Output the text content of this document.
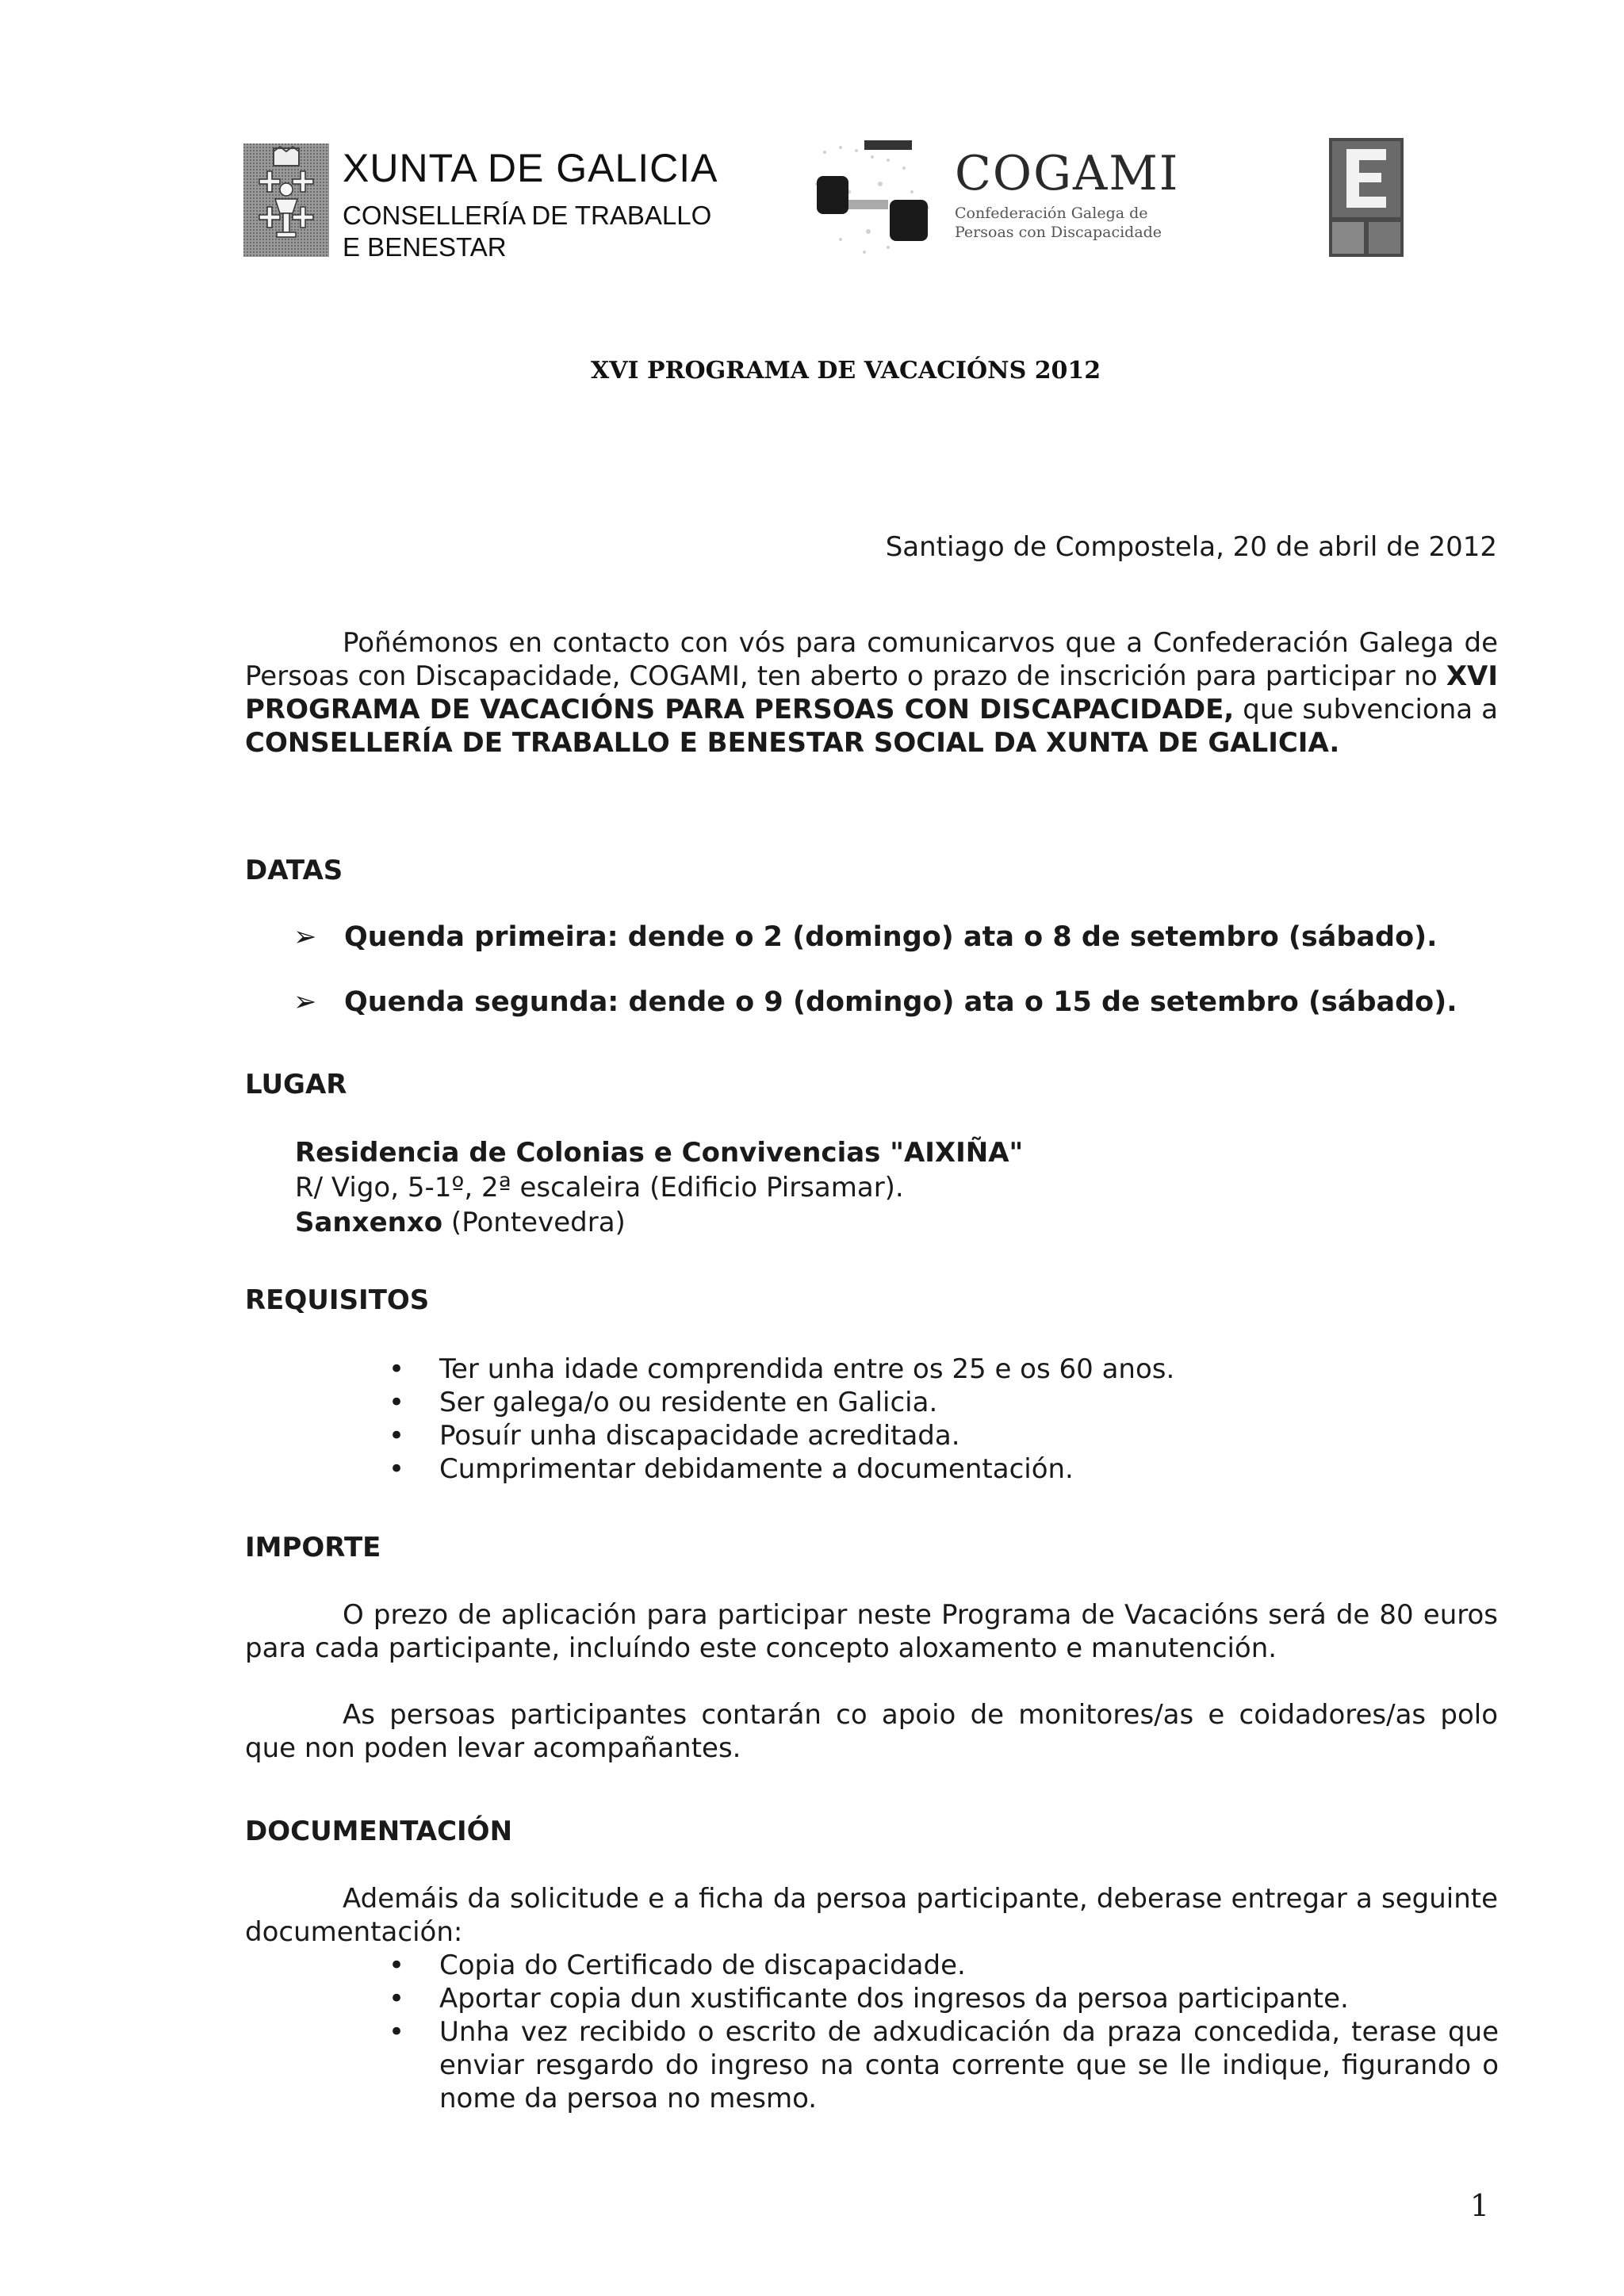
XUNTA DE GALICIA
CONSELLERÍA DE TRABALLO
E BENESTAR
COGAMI
Confederación Galega de
Persoas con Discapacidade
XVI PROGRAMA DE VACACIÓNS 2012
Santiago de Compostela, 20 de abril de 2012
Poñémonos en contacto con vós para comunicarvos que a Confederación Galega de Persoas con Discapacidade, COGAMI, ten aberto o prazo de inscrición para participar no XVI PROGRAMA DE VACACIÓNS PARA PERSOAS CON DISCAPACIDADE, que subvenciona a CONSELLERÍA DE TRABALLO E BENESTAR SOCIAL DA XUNTA DE GALICIA.
DATAS
➢ Quenda primeira: dende o 2 (domingo) ata o 8 de setembro (sábado).
➢ Quenda segunda: dende o 9 (domingo) ata o 15 de setembro (sábado).
LUGAR
Residencia de Colonias e Convivencias "AIXIÑA"
R/ Vigo, 5-1º, 2ª escaleira (Edificio Pirsamar).
Sanxenxo (Pontevedra)
REQUISITOS
• Ter unha idade comprendida entre os 25 e os 60 anos.
• Ser galega/o ou residente en Galicia.
• Posuír unha discapacidade acreditada.
• Cumprimentar debidamente a documentación.
IMPORTE
O prezo de aplicación para participar neste Programa de Vacacións será de 80 euros para cada participante, incluíndo este concepto aloxamento e manutención.
As persoas participantes contarán co apoio de monitores/as e coidadores/as polo que non poden levar acompañantes.
DOCUMENTACIÓN
Ademáis da solicitude e a ficha da persoa participante, deberase entregar a seguinte documentación:
• Copia do Certificado de discapacidade.
• Aportar copia dun xustificante dos ingresos da persoa participante.
• Unha vez recibido o escrito de adxudicación da praza concedida, terase que enviar resgardo do ingreso na conta corrente que se lle indique, figurando o nome da persoa no mesmo.
1
